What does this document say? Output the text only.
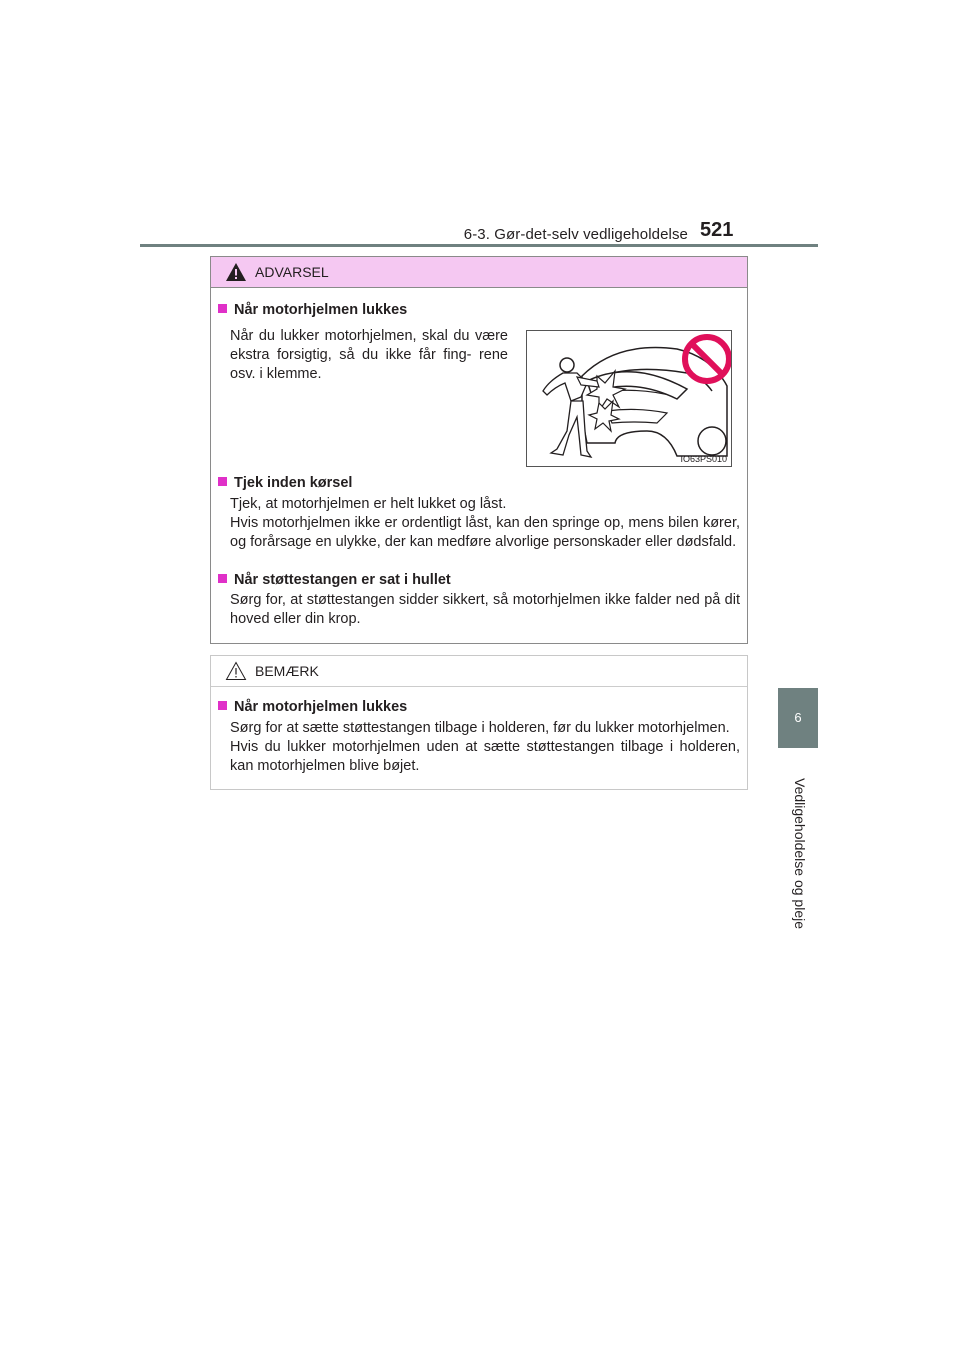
6-3. Gør-det-selv vedligeholdelse 521
6
Vedligeholdelse og pleje
ADVARSEL
Når motorhjelmen lukkes
Når du lukker motorhjelmen, skal du være ekstra forsigtig, så du ikke får fing- rene osv. i klemme.
IO63PS010
Tjek inden kørsel
Tjek, at motorhjelmen er helt lukket og låst.
Hvis motorhjelmen ikke er ordentligt låst, kan den springe op, mens bilen kører, og forårsage en ulykke, der kan medføre alvorlige personskader eller dødsfald.
Når støttestangen er sat i hullet
Sørg for, at støttestangen sidder sikkert, så motorhjelmen ikke falder ned på dit hoved eller din krop.
BEMÆRK
Når motorhjelmen lukkes
Sørg for at sætte støttestangen tilbage i holderen, før du lukker motorhjelmen.
Hvis du lukker motorhjelmen uden at sætte støttestangen tilbage i holderen, kan motorhjelmen blive bøjet.
